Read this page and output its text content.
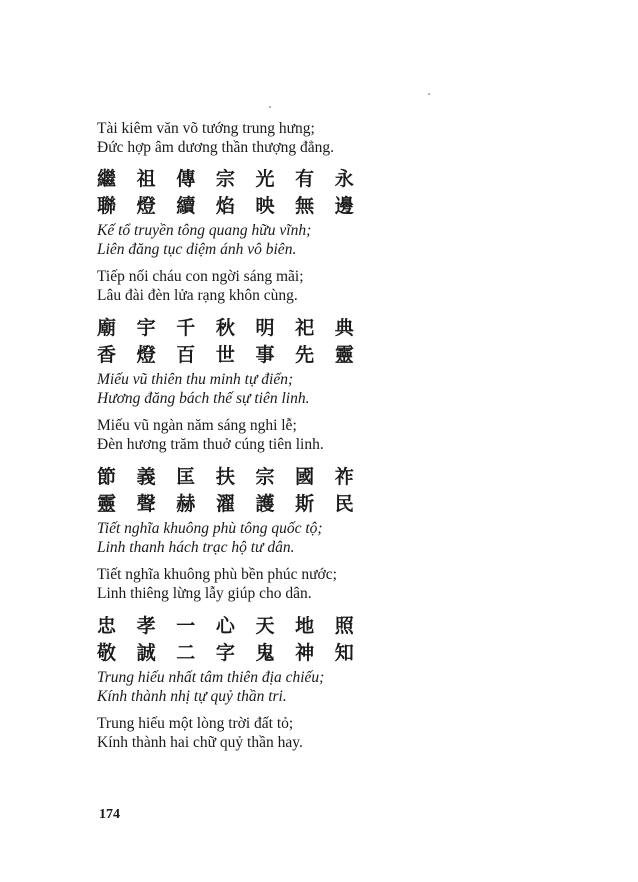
Tài kiêm văn võ tướng trung hưng;

Đức hợp âm dương thần thượng đẳng.

繼 祖 傳 宗 光 有 永

聯 燈 續 焰 映 無 邊

Kế tổ truyền tông quang hữu vĩnh;

Liên đăng tục diệm ánh vô biên.

Tiếp nối cháu con ngời sáng mãi;

Lâu đài đèn lửa rạng khôn cùng.

廟 宇 千 秋 明 祀 典

香 燈 百 世 事 先 靈

Miếu vũ thiên thu minh tự điển;

Hương đăng bách thế sự tiên linh.

Miếu vũ ngàn năm sáng nghi lễ;

Đèn hương trăm thuở cúng tiên linh.

節 義 匡 扶 宗 國 祚

靈 聲 赫 濯 護 斯 民

Tiết nghĩa khuông phù tông quốc tộ;

Linh thanh hách trạc hộ tư dân.

Tiết nghĩa khuông phù bền phúc nước;

Linh thiêng lừng lẫy giúp cho dân.

忠 孝 一 心 天 地 照

敬 誠 二 字 鬼 神 知

Trung hiếu nhất tâm thiên địa chiếu;

Kính thành nhị tự quỷ thần tri.

Trung hiếu một lòng trời đất tỏ;

Kính thành hai chữ quỷ thần hay.

174
